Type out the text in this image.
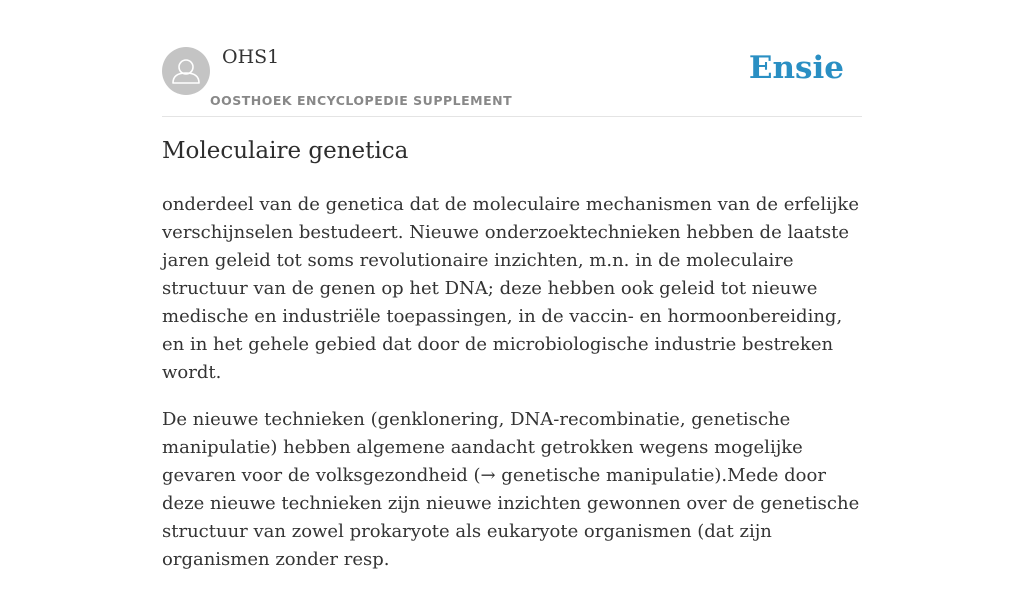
OHS1
OOSTHOEK ENCYCLOPEDIE SUPPLEMENT
Ensie
Moleculaire genetica

onderdeel van de genetica dat de moleculaire mechanismen van de erfelijke verschijnselen bestudeert. Nieuwe onderzoektechnieken hebben de laatste jaren geleid tot soms revolutionaire inzichten, m.n. in de moleculaire structuur van de genen op het DNA; deze hebben ook geleid tot nieuwe medische en industriële toepassingen, in de vaccin- en hormoonbereiding, en in het gehele gebied dat door de microbiologische industrie bestreken wordt.

De nieuwe technieken (genklonering, DNA-recombinatie, genetische manipulatie) hebben algemene aandacht getrokken wegens mogelijke gevaren voor de volksgezondheid (→ genetische manipulatie).Mede door deze nieuwe technieken zijn nieuwe inzichten gewonnen over de genetische structuur van zowel prokaryote als eukaryote organismen (dat zijn organismen zonder resp.
